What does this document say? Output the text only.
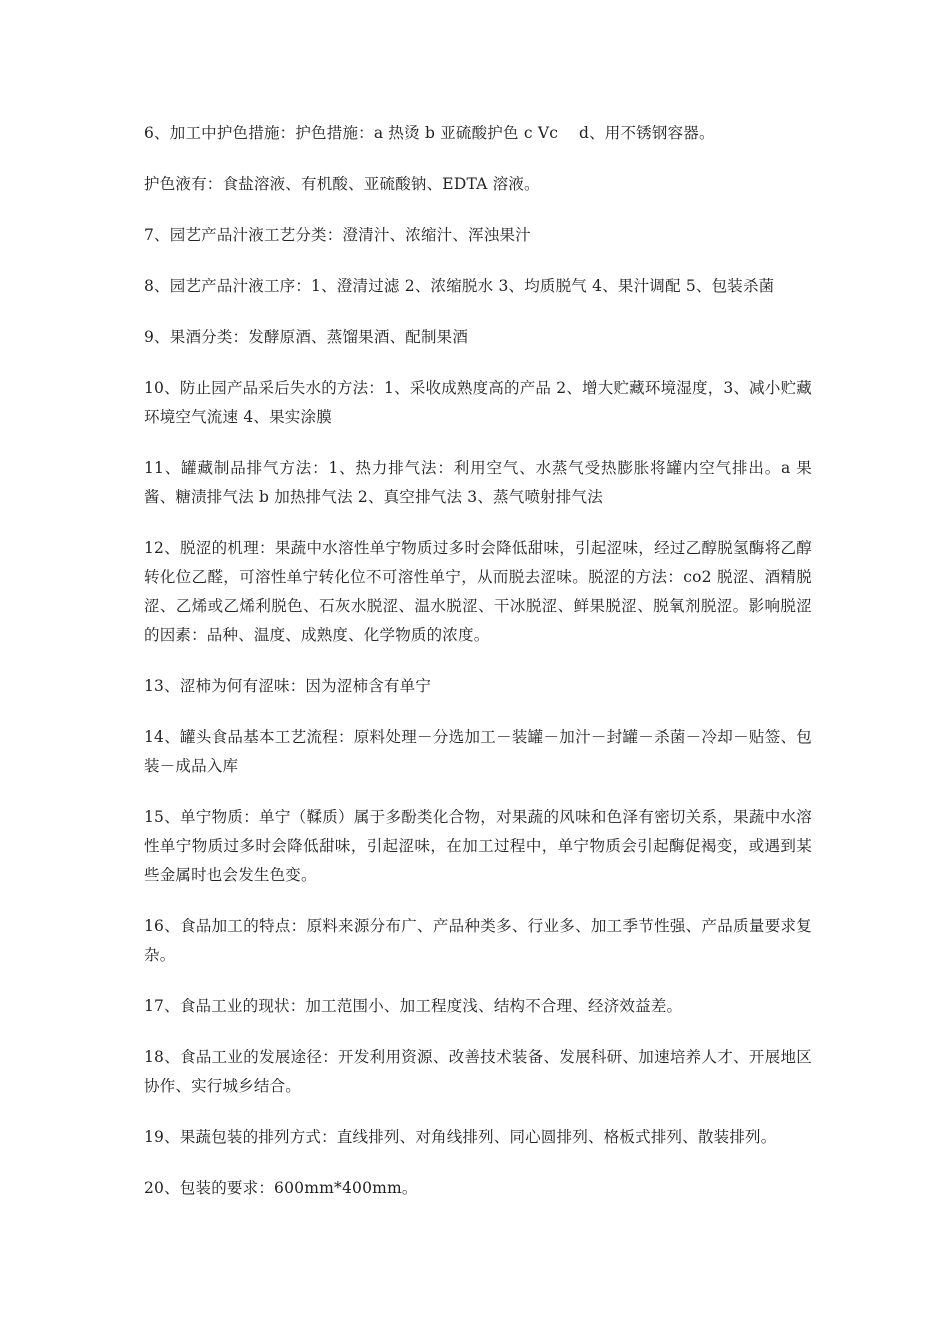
6、加工中护色措施：护色措施：a 热烫 b 亚硫酸护色 c Vc　 d、用不锈钢容器。

护色液有：食盐溶液、有机酸、亚硫酸钠、EDTA 溶液。

7、园艺产品汁液工艺分类：澄清汁、浓缩汁、浑浊果汁

8、园艺产品汁液工序：1、澄清过滤 2、浓缩脱水 3、均质脱气 4、果汁调配 5、包装杀菌

9、果酒分类：发酵原酒、蒸馏果酒、配制果酒

10、防止园产品采后失水的方法：1、采收成熟度高的产品 2、增大贮藏环境湿度，3、减小贮藏环境空气流速 4、果实涂膜

11、罐藏制品排气方法：1、热力排气法：利用空气、水蒸气受热膨胀将罐内空气排出。a 果酱、糖渍排气法 b 加热排气法 2、真空排气法 3、蒸气喷射排气法

12、脱涩的机理：果蔬中水溶性单宁物质过多时会降低甜味，引起涩味，经过乙醇脱氢酶将乙醇转化位乙醛，可溶性单宁转化位不可溶性单宁，从而脱去涩味。脱涩的方法：co2 脱涩、酒精脱涩、乙烯或乙烯利脱色、石灰水脱涩、温水脱涩、干冰脱涩、鲜果脱涩、脱氧剂脱涩。影响脱涩的因素：品种、温度、成熟度、化学物质的浓度。

13、涩柿为何有涩味：因为涩柿含有单宁

14、罐头食品基本工艺流程：原料处理－分选加工－装罐－加汁－封罐－杀菌－冷却－贴签、包装－成品入库

15、单宁物质：单宁（鞣质）属于多酚类化合物，对果蔬的风味和色泽有密切关系，果蔬中水溶性单宁物质过多时会降低甜味，引起涩味，在加工过程中，单宁物质会引起酶促褐变，或遇到某些金属时也会发生色变。

16、食品加工的特点：原料来源分布广、产品种类多、行业多、加工季节性强、产品质量要求复杂。

17、食品工业的现状：加工范围小、加工程度浅、结构不合理、经济效益差。

18、食品工业的发展途径：开发利用资源、改善技术装备、发展科研、加速培养人才、开展地区协作、实行城乡结合。

19、果蔬包装的排列方式：直线排列、对角线排列、同心圆排列、格板式排列、散装排列。

20、包装的要求：600mm*400mm。
